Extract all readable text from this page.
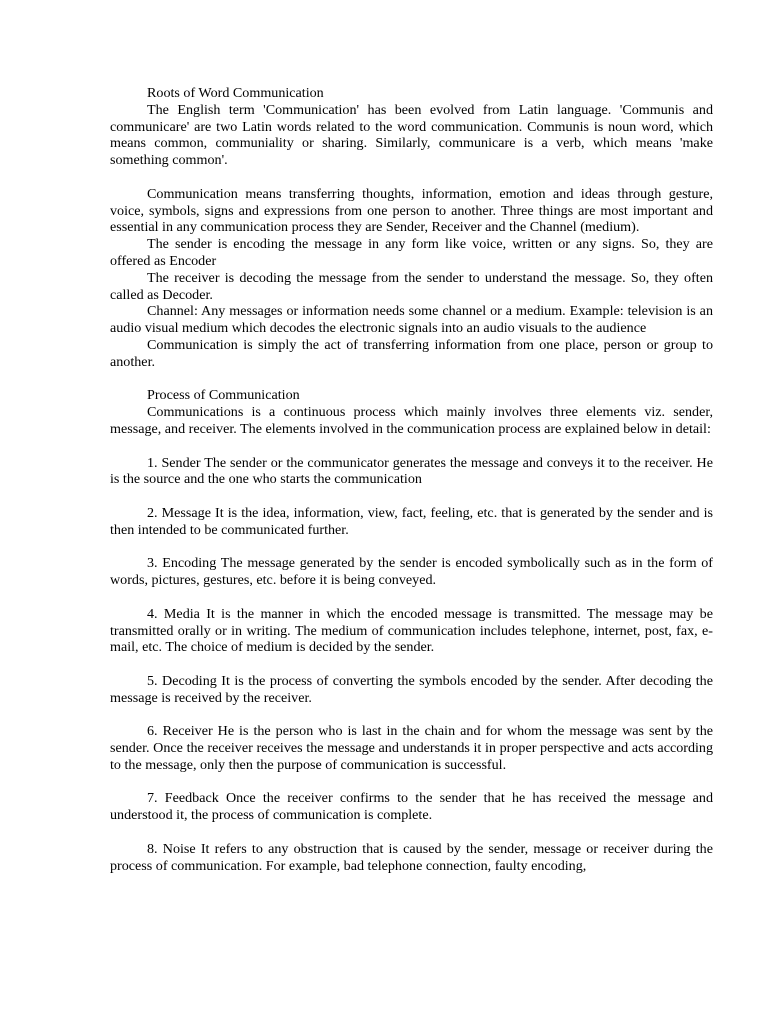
Roots of Word Communication

The English term 'Communication' has been evolved from Latin language. 'Communis and communicare' are two Latin words related to the word communication. Communis is noun word, which means common, communiality or sharing. Similarly, communicare is a verb, which means 'make something common'.

Communication means transferring thoughts, information, emotion and ideas through gesture, voice, symbols, signs and expressions from one person to another. Three things are most important and essential in any communication process they are Sender, Receiver and the Channel (medium).

The sender is encoding the message in any form like voice, written or any signs. So, they are offered as Encoder

The receiver is decoding the message from the sender to understand the message. So, they often called as Decoder.

Channel: Any messages or information needs some channel or a medium. Example: television is an audio visual medium which decodes the electronic signals into an audio visuals to the audience

Communication is simply the act of transferring information from one place, person or group to another.

Process of Communication

Communications is a continuous process which mainly involves three elements viz. sender, message, and receiver. The elements involved in the communication process are explained below in detail:

1. Sender The sender or the communicator generates the message and conveys it to the receiver. He is the source and the one who starts the communication

2. Message It is the idea, information, view, fact, feeling, etc. that is generated by the sender and is then intended to be communicated further.

3. Encoding The message generated by the sender is encoded symbolically such as in the form of words, pictures, gestures, etc. before it is being conveyed.

4. Media It is the manner in which the encoded message is transmitted. The message may be transmitted orally or in writing. The medium of communication includes telephone, internet, post, fax, e-mail, etc. The choice of medium is decided by the sender.

5. Decoding It is the process of converting the symbols encoded by the sender. After decoding the message is received by the receiver.

6. Receiver He is the person who is last in the chain and for whom the message was sent by the sender. Once the receiver receives the message and understands it in proper perspective and acts according to the message, only then the purpose of communication is successful.

7. Feedback Once the receiver confirms to the sender that he has received the message and understood it, the process of communication is complete.

8. Noise It refers to any obstruction that is caused by the sender, message or receiver during the process of communication. For example, bad telephone connection, faulty encoding,
